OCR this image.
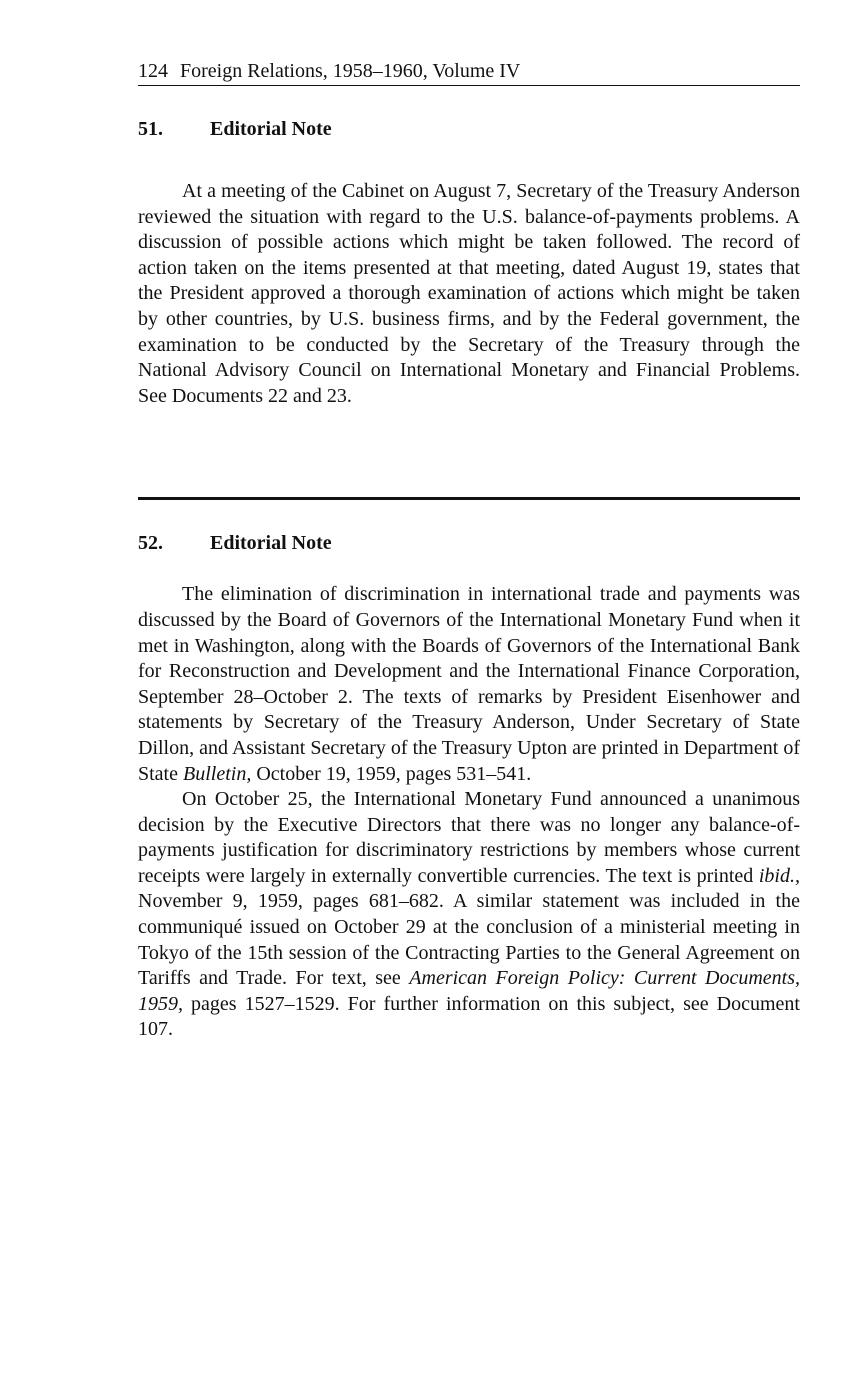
124 Foreign Relations, 1958–1960, Volume IV
51.	Editorial Note

At a meeting of the Cabinet on August 7, Secretary of the Treasury Anderson reviewed the situation with regard to the U.S. balance-of-payments problems. A discussion of possible actions which might be taken followed. The record of action taken on the items presented at that meeting, dated August 19, states that the President approved a thorough examination of actions which might be taken by other countries, by U.S. business firms, and by the Federal government, the examination to be conducted by the Secretary of the Treasury through the National Advisory Council on International Monetary and Financial Problems. See Documents 22 and 23.

52.	Editorial Note

The elimination of discrimination in international trade and payments was discussed by the Board of Governors of the International Monetary Fund when it met in Washington, along with the Boards of Governors of the International Bank for Reconstruction and Development and the International Finance Corporation, September 28–October 2. The texts of remarks by President Eisenhower and statements by Secretary of the Treasury Anderson, Under Secretary of State Dillon, and Assistant Secretary of the Treasury Upton are printed in Department of State Bulletin, October 19, 1959, pages 531–541.

On October 25, the International Monetary Fund announced a unanimous decision by the Executive Directors that there was no longer any balance-of-payments justification for discriminatory restrictions by members whose current receipts were largely in externally convertible currencies. The text is printed ibid., November 9, 1959, pages 681–682. A similar statement was included in the communiqué issued on October 29 at the conclusion of a ministerial meeting in Tokyo of the 15th session of the Contracting Parties to the General Agreement on Tariffs and Trade. For text, see American Foreign Policy: Current Documents, 1959, pages 1527–1529. For further information on this subject, see Document 107.
